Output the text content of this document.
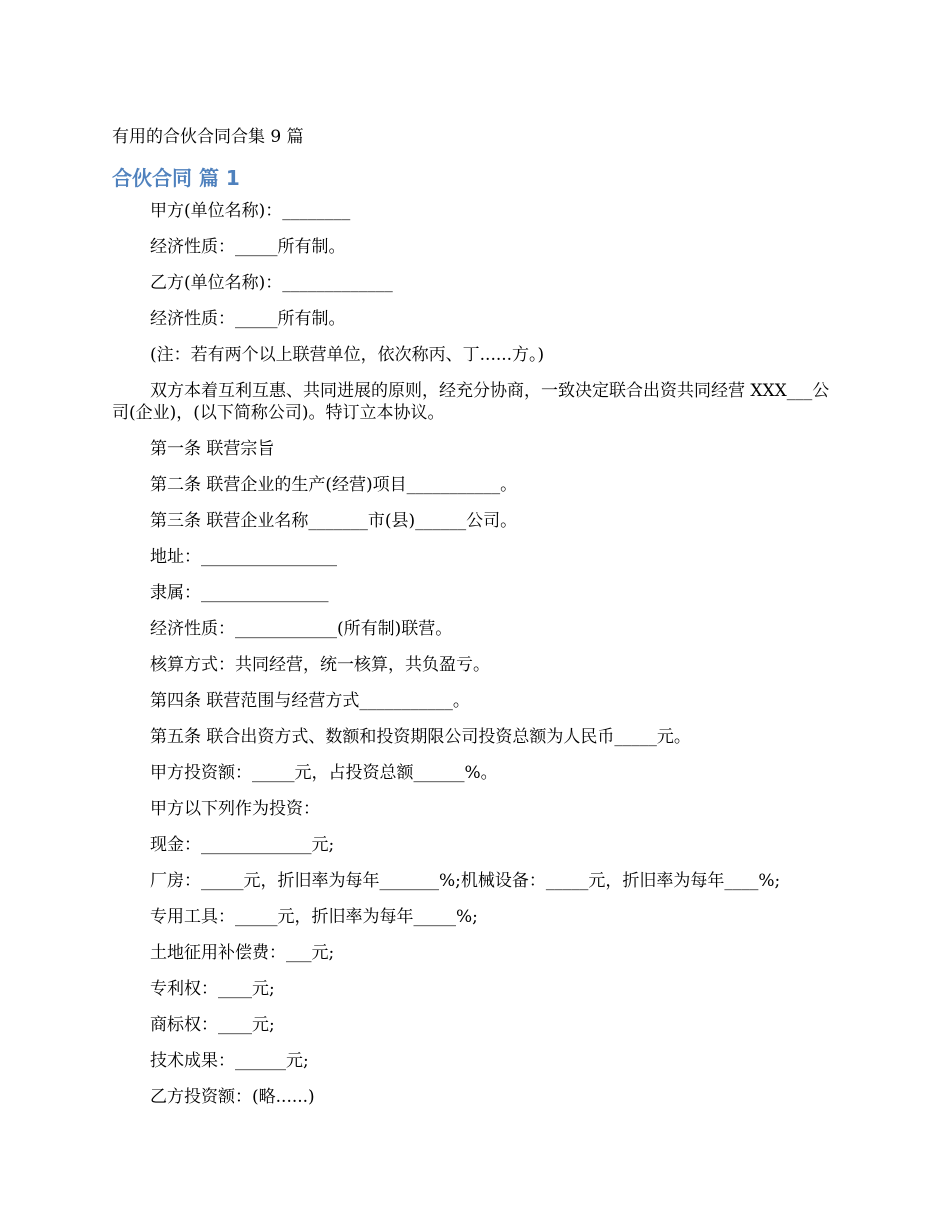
有用的合伙合同合集 9 篇
合伙合同 篇 1

甲方(单位名称)：________

经济性质：_____所有制。

乙方(单位名称)：_____________

经济性质：_____所有制。

(注：若有两个以上联营单位，依次称丙、丁......方。)

双方本着互利互惠、共同进展的原则，经充分协商，一致决定联合出资共同经营 XXX___公司(企业)，(以下简称公司)。特订立本协议。

第一条 联营宗旨

第二条 联营企业的生产(经营)项目___________。

第三条 联营企业名称_______市(县)______公司。

地址：________________

隶属：_______________

经济性质：____________(所有制)联营。

核算方式：共同经营，统一核算，共负盈亏。

第四条 联营范围与经营方式___________。

第五条 联合出资方式、数额和投资期限公司投资总额为人民币_____元。

甲方投资额：_____元，占投资总额______%。

甲方以下列作为投资：

现金：_____________元;

厂房：_____元，折旧率为每年_______%;机械设备：_____元，折旧率为每年____%;

专用工具：_____元，折旧率为每年_____%;

土地征用补偿费：___元;

专利权：____元;

商标权：____元;

技术成果：______元;

乙方投资额：(略......)
